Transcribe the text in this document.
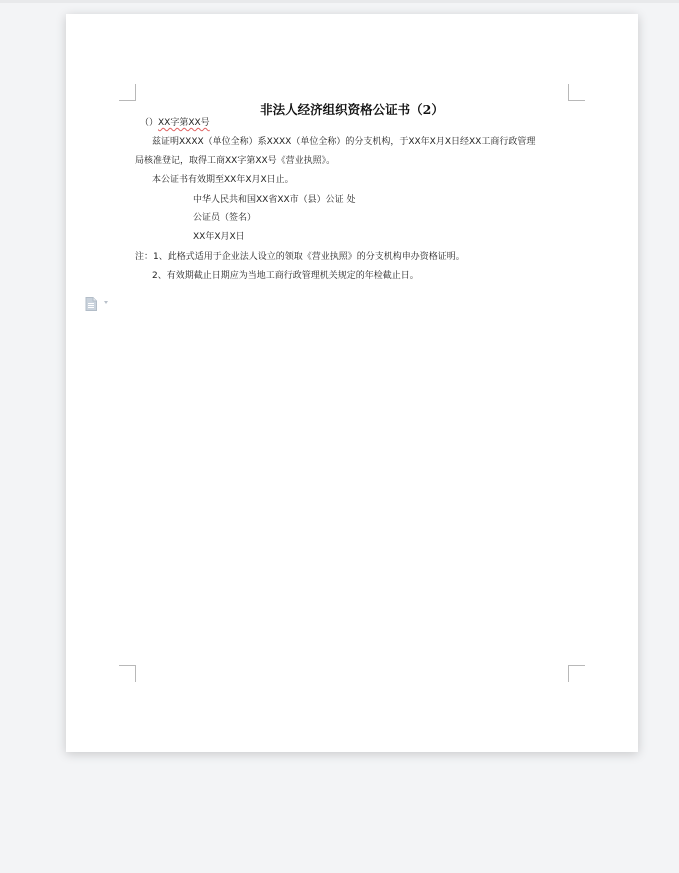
非法人经济组织资格公证书（2）
（）XX字第XX号
兹证明XXXX（单位全称）系XXXX（单位全称）的分支机构，于XX年X月X日经XX工商行政管理
局核准登记，取得工商XX字第XX号《营业执照》。
本公证书有效期至XX年X月X日止。
中华人民共和国XX省XX市（县）公证 处
公证员（签名）
XX年X月X日
注：1、此格式适用于企业法人设立的领取《营业执照》的分支机构申办资格证明。
2、有效期截止日期应为当地工商行政管理机关规定的年检截止日。
